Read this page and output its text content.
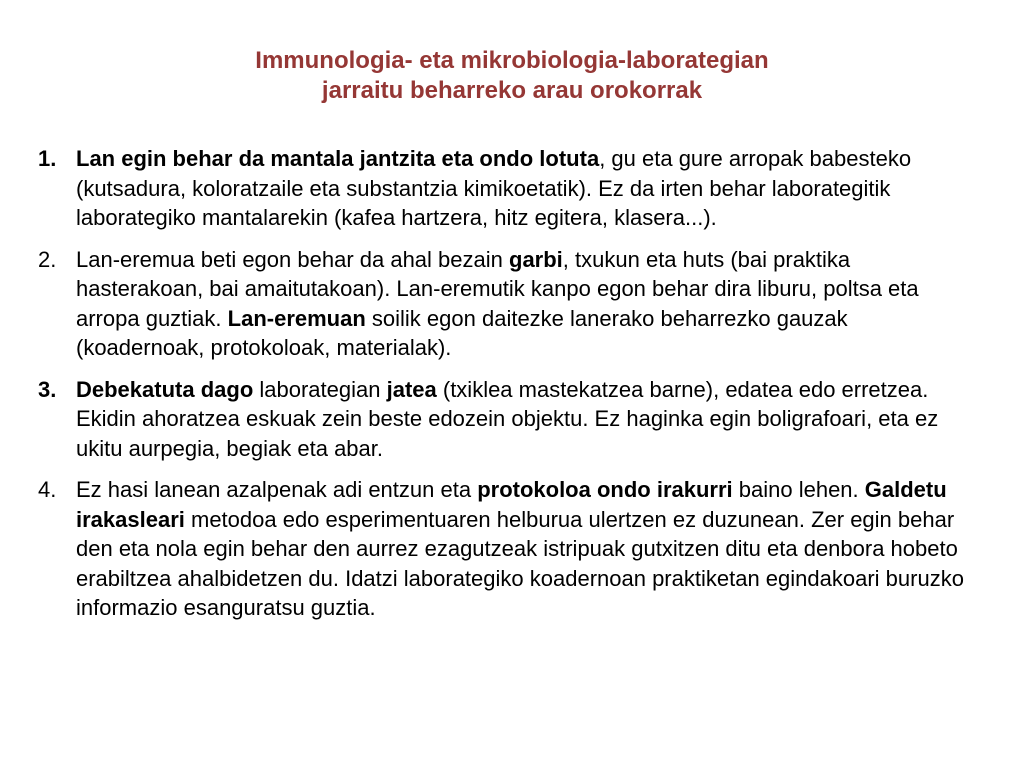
Immunologia- eta mikrobiologia-laborategian
jarraitu beharreko arau orokorrak
1. Lan egin behar da mantala jantzita eta ondo lotuta, gu eta gure arropak babesteko (kutsadura, koloratzaile eta substantzia kimikoetatik). Ez da irten behar laborategitik laborategiko mantalarekin (kafea hartzera, hitz egitera, klasera...).
2. Lan-eremua beti egon behar da ahal bezain garbi, txukun eta huts (bai praktika hasterakoan, bai amaitutakoan). Lan-eremutik kanpo egon behar dira liburu, poltsa eta arropa guztiak. Lan-eremuan soilik egon daitezke lanerako beharrezko gauzak (koadernoak, protokoloak, materialak).
3. Debekatuta dago laborategian jatea (txiklea mastekatzea barne), edatea edo erretzea. Ekidin ahoratzea eskuak zein beste edozein objektu. Ez haginka egin boligrafoari, eta ez ukitu aurpegia, begiak eta abar.
4. Ez hasi lanean azalpenak adi entzun eta protokoloa ondo irakurri baino lehen. Galdetu irakasleari metodoa edo esperimentuaren helburua ulertzen ez duzunean. Zer egin behar den eta nola egin behar den aurrez ezagutzeak istripuak gutxitzen ditu eta denbora hobeto erabiltzea ahalbidetzen du. Idatzi laborategiko koadernoan praktiketan egindakoari buruzko informazio esanguratsu guztia.
